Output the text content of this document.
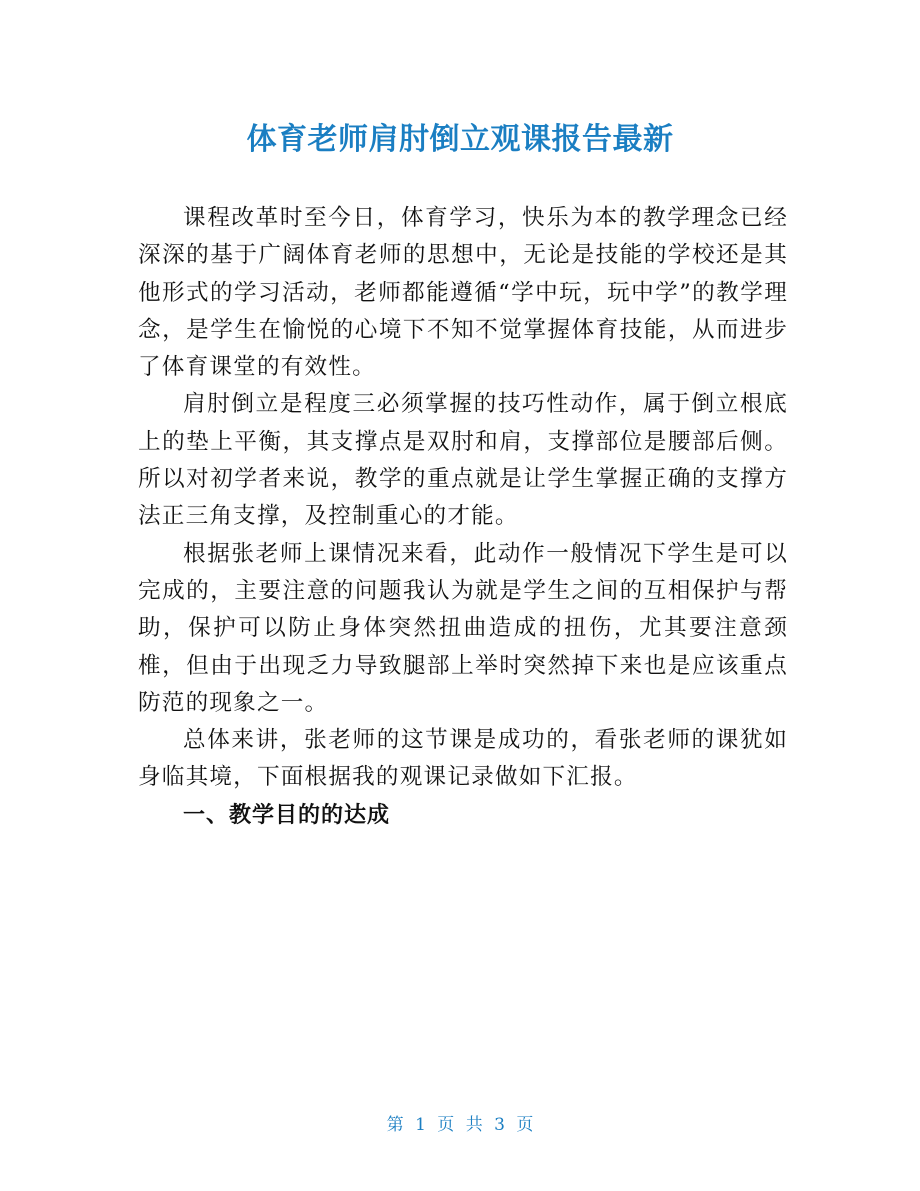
体育老师肩肘倒立观课报告最新

课程改革时至今日，体育学习，快乐为本的教学理念已经深深的基于广阔体育老师的思想中，无论是技能的学校还是其他形式的学习活动，老师都能遵循“学中玩，玩中学”的教学理念，是学生在愉悦的心境下不知不觉掌握体育技能，从而进步了体育课堂的有效性。

肩肘倒立是程度三必须掌握的技巧性动作，属于倒立根底上的垫上平衡，其支撑点是双肘和肩，支撑部位是腰部后侧。所以对初学者来说，教学的重点就是让学生掌握正确的支撑方法正三角支撑，及控制重心的才能。

根据张老师上课情况来看，此动作一般情况下学生是可以完成的，主要注意的问题我认为就是学生之间的互相保护与帮助，保护可以防止身体突然扭曲造成的扭伤，尤其要注意颈椎，但由于出现乏力导致腿部上举时突然掉下来也是应该重点防范的现象之一。

总体来讲，张老师的这节课是成功的，看张老师的课犹如身临其境，下面根据我的观课记录做如下汇报。

一、教学目的的达成

第 1 页 共 3 页
